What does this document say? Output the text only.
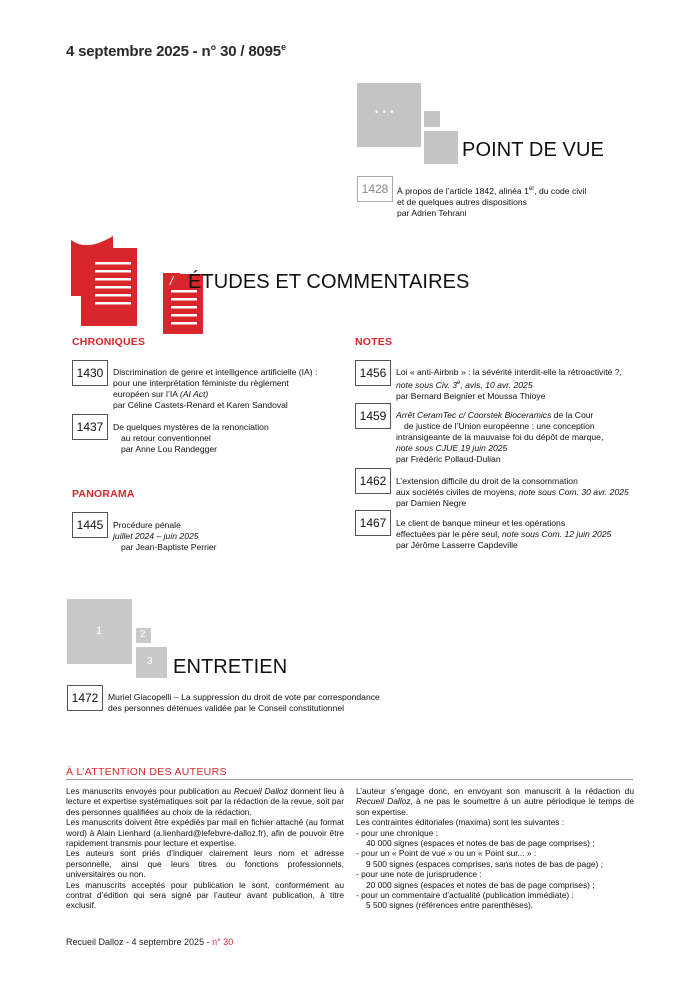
4 septembre 2025 - n° 30 / 8095e
• • •
POINT DE VUE
1428	À propos de l’article 1842, alinéa 1er, du code civil
et de quelques autres dispositions
par Adrien Tehrani
/ ÉTUDES ET COMMENTAIRES
CHRONIQUES
1430	Discrimination de genre et intelligence artificielle (IA) :
pour une interprétation féministe du règlement
européen sur l’IA (AI Act)
par Céline Castets-Renard et Karen Sandoval
1437	De quelques mystères de la renonciation
au retour conventionnel
par Anne Lou Randegger
PANORAMA
1445	Procédure pénale
juillet 2024 – juin 2025
par Jean-Baptiste Perrier
NOTES
1456	Loi « anti-Airbnb » : la sévérité interdit-elle la rétroactivité ?,
note sous Civ. 3e, avis, 10 avr. 2025
par Bernard Beignier et Moussa Thioye
1459	Arrêt CeramTec c/ Coorstek Bioceramics de la Cour
de justice de l’Union européenne : une conception
intransigeante de la mauvaise foi du dépôt de marque,
note sous CJUE 19 juin 2025
par Frédéric Pollaud-Dulian
1462	L’extension difficile du droit de la consommation
aux sociétés civiles de moyens, note sous Com. 30 avr. 2025
par Damien Negre
1467	Le client de banque mineur et les opérations
effectuées par le père seul, note sous Com. 12 juin 2025
par Jérôme Lasserre Capdeville
1	2
3 ENTRETIEN
1472	Muriel Giacopelli – La suppression du droit de vote par correspondance
des personnes détenues validée par le Conseil constitutionnel
À L’ATTENTION DES AUTEURS
Les manuscrits envoyés pour publication au Recueil Dalloz donnent lieu à lecture et expertise systématiques soit par la rédaction de la revue, soit par des personnes qualifiées au choix de la rédaction.
Les manuscrits doivent être expédiés par mail en fichier attaché (au format word) à Alain Lienhard (a.lienhard@lefebvre-dalloz.fr), afin de pouvoir être rapidement transmis pour lecture et expertise.
Les auteurs sont priés d’indiquer clairement leurs nom et adresse personnelle, ainsi que leurs titres ou fonctions professionnels, universitaires ou non.
Les manuscrits acceptés pour publication le sont, conformément au contrat d’édition qui sera signé par l’auteur avant publication, à titre exclusif.
L’auteur s’engage donc, en envoyant son manuscrit à la rédaction du Recueil Dalloz, à ne pas le soumettre à un autre périodique le temps de son expertise.
Les contraintes éditoriales (maxima) sont les suivantes :
- pour une chronique :
40 000 signes (espaces et notes de bas de page comprises) ;
- pour un « Point de vue » ou un « Point sur... » :
9 500 signes (espaces comprises, sans notes de bas de page) ;
- pour une note de jurisprudence :
20 000 signes (espaces et notes de bas de page comprises) ;
- pour un commentaire d’actualité (publication immédiate) :
5 500 signes (références entre parenthèses).
Recueil Dalloz - 4 septembre 2025 - n° 30
